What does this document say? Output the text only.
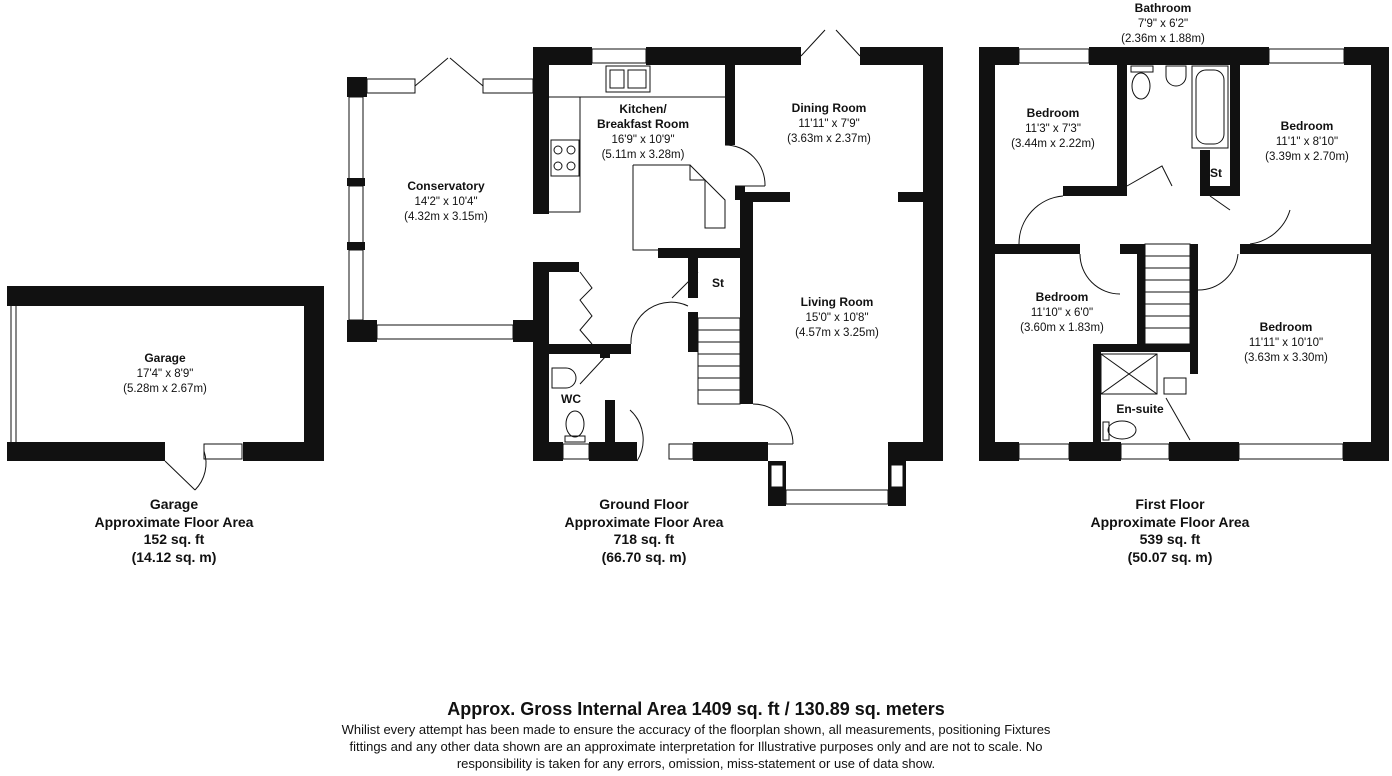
Conservatory
14'2" x 10'4"
(4.32m x 3.15m)
Kitchen/
Breakfast Room
16'9" x 10'9"
(5.11m x 3.28m)
Dining Room
11'11" x 7'9"
(3.63m x 2.37m)
Living Room
15'0" x 10'8"
(4.57m x 3.25m)
WC
St
Garage
17'4" x 8'9"
(5.28m x 2.67m)
Bathroom
7'9" x 6'2"
(2.36m x 1.88m)
Bedroom
11'3" x 7'3"
(3.44m x 2.22m)
Bedroom
11'1" x 8'10"
(3.39m x 2.70m)
Bedroom
11'10" x 6'0"
(3.60m x 1.83m)	Bedroom
11'11" x 10'10"
(3.63m x 3.30m)
St
En-suite
Garage
Approximate Floor Area
152 sq. ft
(14.12 sq. m)
Ground Floor
Approximate Floor Area
718 sq. ft
(66.70 sq. m)
First Floor
Approximate Floor Area
539 sq. ft
(50.07 sq. m)
Approx. Gross Internal Area 1409 sq. ft / 130.89 sq. meters
Whilist every attempt has been made to ensure the accuracy of the floorplan shown, all measurements, positioning Fixtures fittings and any other data shown are an approximate interpretation for Illustrative purposes only and are not to scale. No responsibility is taken for any errors, omission, miss-statement or use of data show.
